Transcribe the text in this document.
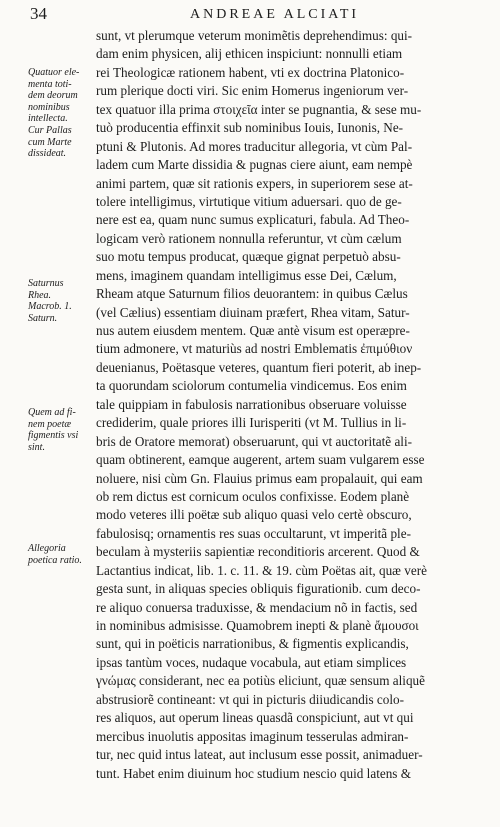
34	ANDREAE ALCIATI
Quatuor ele-
menta toti-
dem deorum
nominibus
intellecta.
Cur Pallas
cum Marte
dissideat.
Saturnus
Rhea.
Macrob. 1.
Saturn.
Quem ad fi-
nem poetæ
figmentis vsi
sint.
Allegoria
poetica ratio.
sunt, vt plerumque veterum monimẽtis deprehendimus: qui-
dam enim physicen, alij ethicen inspiciunt: nonnulli etiam
rei Theologicæ rationem habent, vti ex doctrina Platonico-
rum plerique docti viri. Sic enim Homerus ingeniorum ver-
tex quatuor illa prima στοιχεῖα inter se pugnantia, & sese mu-
tuò producentia effinxit sub nominibus Iouis, Iunonis, Ne-
ptuni & Plutonis. Ad mores traducitur allegoria, vt cùm Pal-
ladem cum Marte dissidia & pugnas ciere aiunt, eam nempè
animi partem, quæ sit rationis expers, in superiorem sese at-
tolere intelligimus, virtutique vitium aduersari. quo de ge-
nere est ea, quam nunc sumus explicaturi, fabula. Ad Theo-
logicam verò rationem nonnulla referuntur, vt cùm cælum
suo motu tempus producat, quæque gignat perpetuò absu-
mens, imaginem quandam intelligimus esse Dei, Cælum,
Rheam atque Saturnum filios deuorantem: in quibus Cælus
(vel Cælius) essentiam diuinam præfert, Rhea vitam, Satur-
nus autem eiusdem mentem. Quæ antè visum est operæpre-
tium admonere, vt maturiùs ad nostri Emblematis ἐπιμύθιον
deuenianus, Poëtasque veteres, quantum fieri poterit, ab inep-
ta quorundam sciolorum contumelia vindicemus. Eos enim
tale quippiam in fabulosis narrationibus obseruare voluisse
crediderim, quale priores illi Iurisperiti (vt M. Tullius in li-
bris de Oratore memorat) obseruarunt, qui vt auctoritatẽ ali-
quam obtinerent, eamque augerent, artem suam vulgarem esse
noluere, nisi cùm Gn. Flauius primus eam propalauit, qui eam
ob rem dictus est cornicum oculos confixisse. Eodem planè
modo veteres illi poëtæ sub aliquo quasi velo certè obscuro,
fabulosisq; ornamentis res suas occultarunt, vt imperitã ple-
beculam à mysteriis sapientiæ reconditioris arcerent. Quod &
Lactantius indicat, lib. 1. c. 11. & 19. cùm Poëtas ait, quæ verè
gesta sunt, in aliquas species obliquis figurationib. cum deco-
re aliquo conuersa traduxisse, & mendacium nõ in factis, sed
in nominibus admisisse. Quamobrem inepti & planè ἄμουσοι
sunt, qui in poëticis narrationibus, & figmentis explicandis,
ipsas tantùm voces, nudaque vocabula, aut etiam simplices
γνώμας considerant, nec ea potiùs eliciunt, quæ sensum aliquẽ
abstrusiorẽ contineant: vt qui in picturis diiudicandis colo-
res aliquos, aut operum lineas quasdã conspiciunt, aut vt qui
mercibus inuolutis appositas imaginum tesserulas admiran-
tur, nec quid intus lateat, aut inclusum esse possit, animaduer-
tunt. Habet enim diuinum hoc studium nescio quid latens &
